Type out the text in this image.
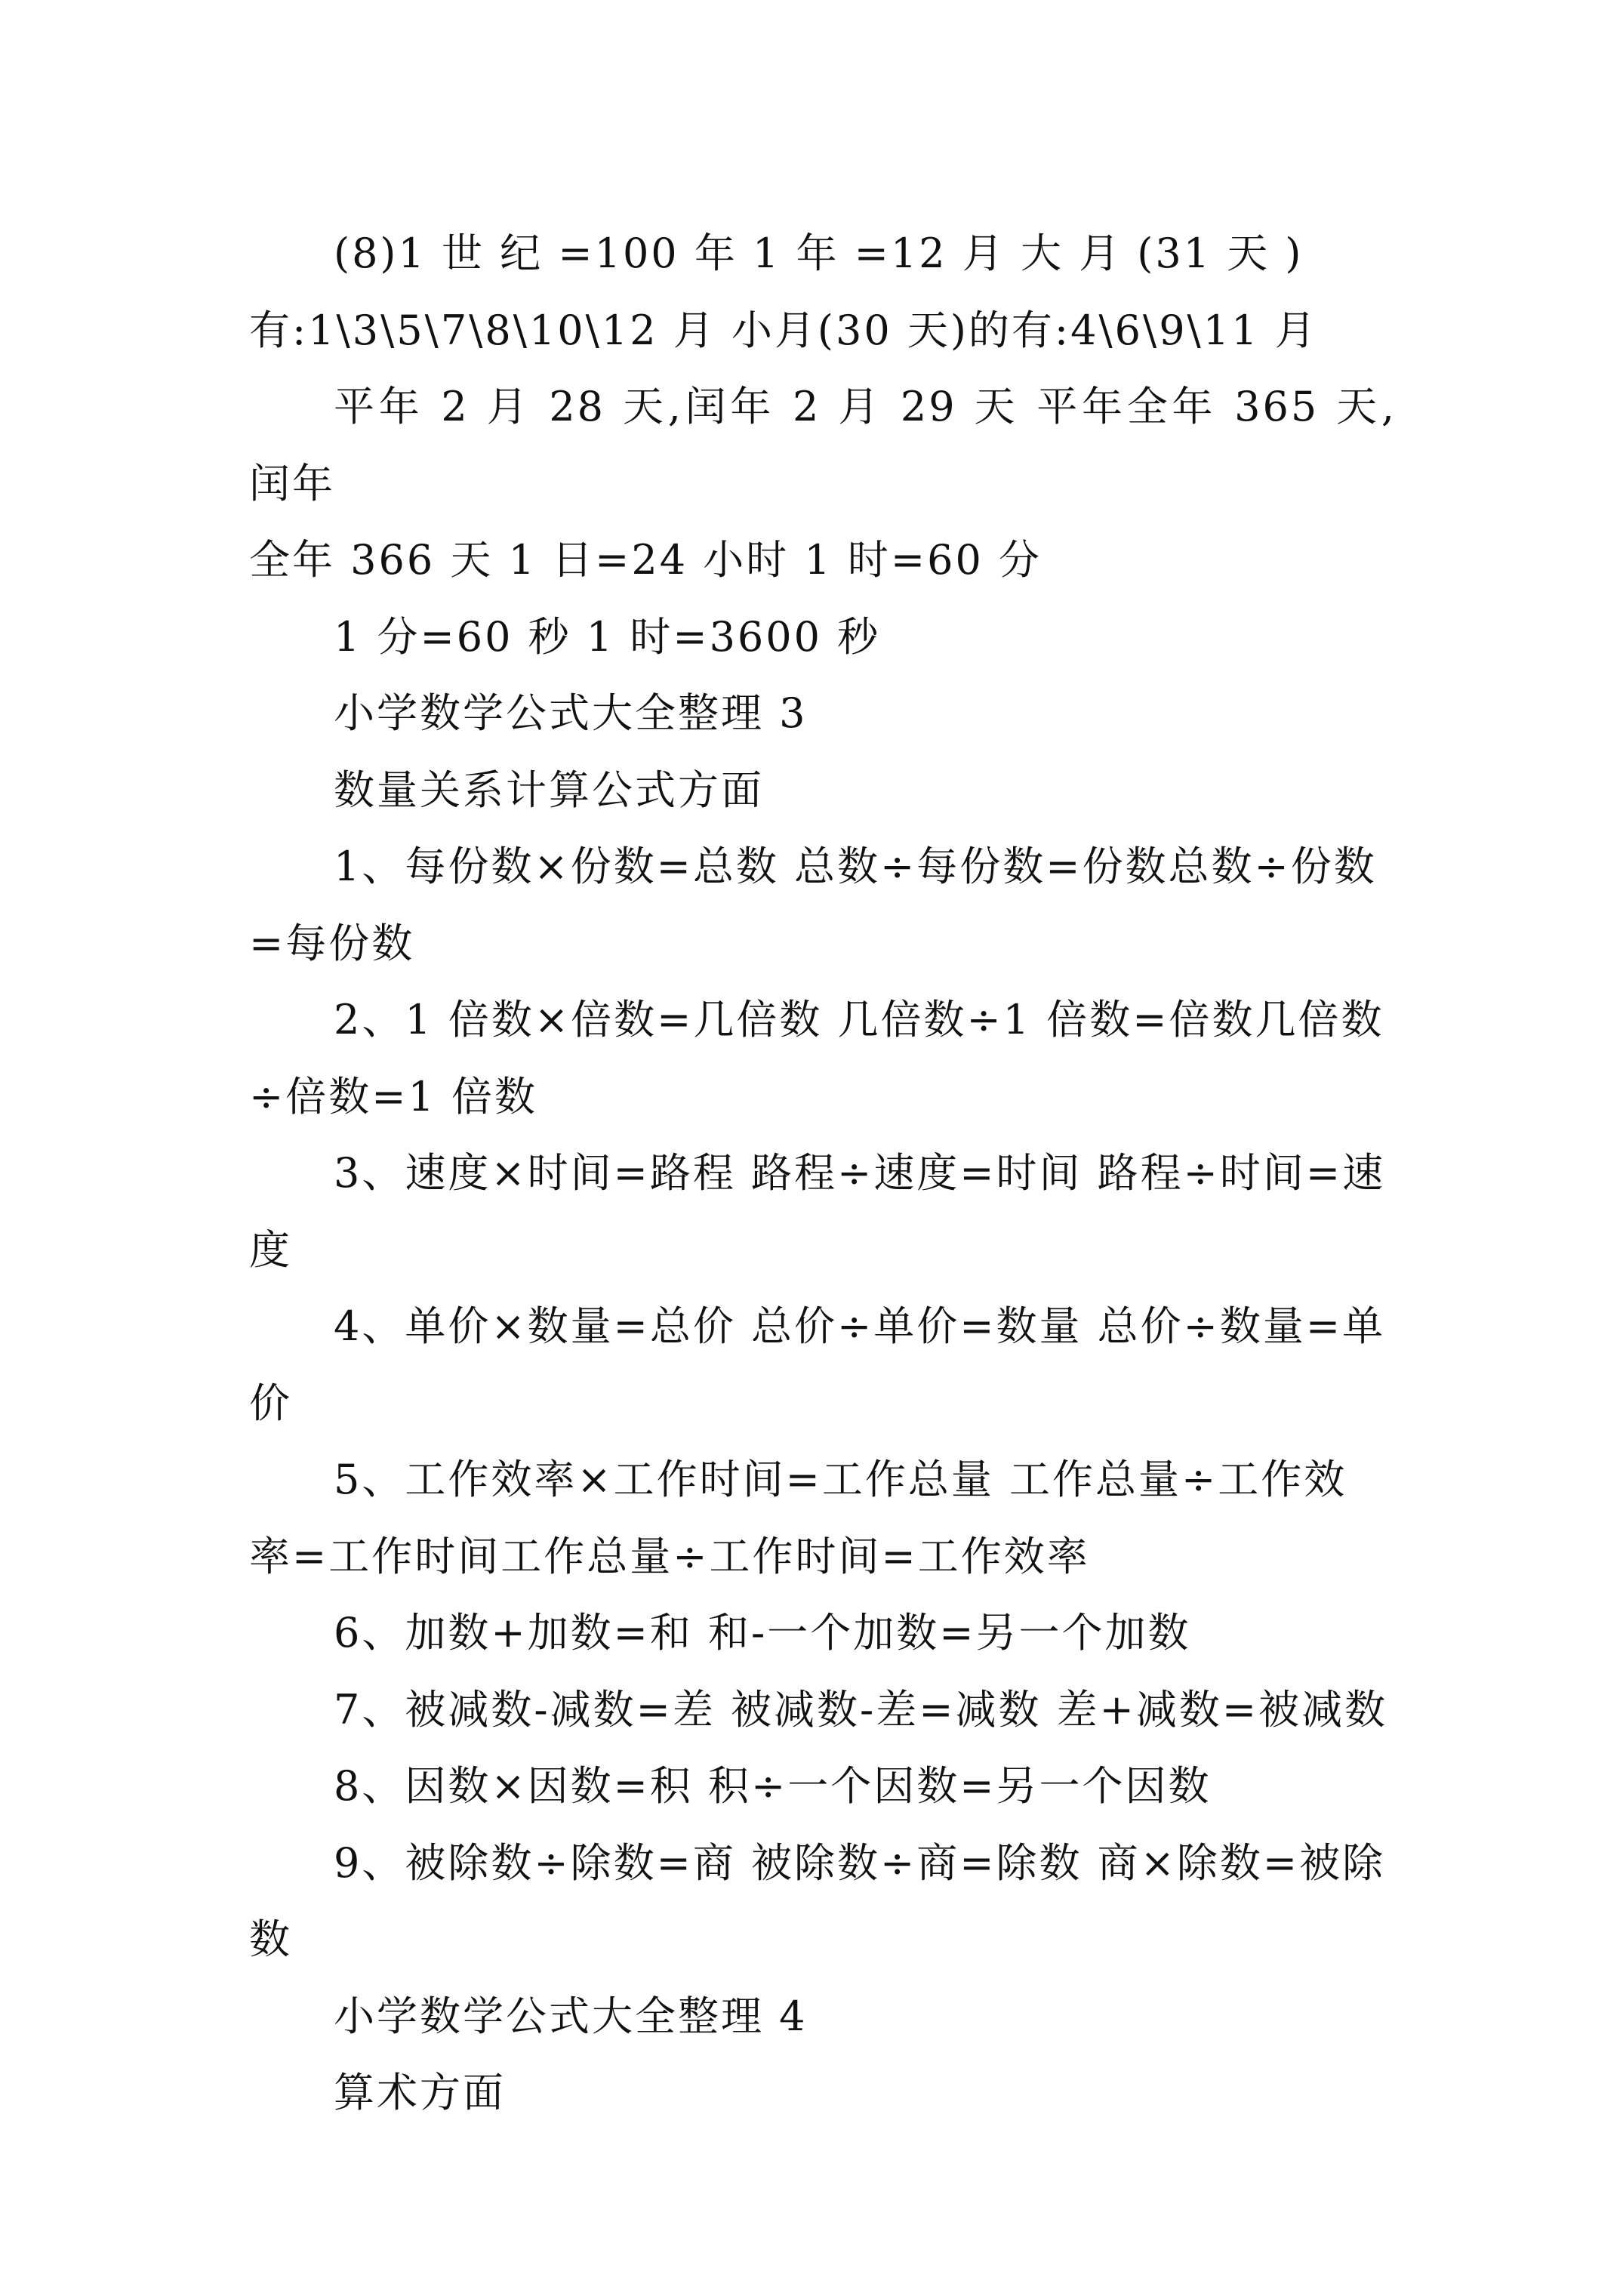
(8)1 世 纪 =100 年 1 年 =12 月 大 月 (31 天 )
有:1\3\5\7\8\10\12 月 小月(30 天)的有:4\6\9\11 月

平年 2 月 28 天,闰年 2 月 29 天 平年全年 365 天, 闰年
全年 366 天 1 日=24 小时 1 时=60 分

1 分=60 秒 1 时=3600 秒

小学数学公式大全整理 3

数量关系计算公式方面

1、每份数×份数=总数 总数÷每份数=份数总数÷份数
=每份数

2、1 倍数×倍数=几倍数 几倍数÷1 倍数=倍数几倍数
÷倍数=1 倍数

3、速度×时间=路程 路程÷速度=时间 路程÷时间=速
度

4、单价×数量=总价 总价÷单价=数量 总价÷数量=单
价

5、工作效率×工作时间=工作总量 工作总量÷工作效
率=工作时间工作总量÷工作时间=工作效率

6、加数+加数=和 和-一个加数=另一个加数

7、被减数-减数=差 被减数-差=减数 差+减数=被减数

8、因数×因数=积 积÷一个因数=另一个因数

9、被除数÷除数=商 被除数÷商=除数 商×除数=被除
数

小学数学公式大全整理 4

算术方面
